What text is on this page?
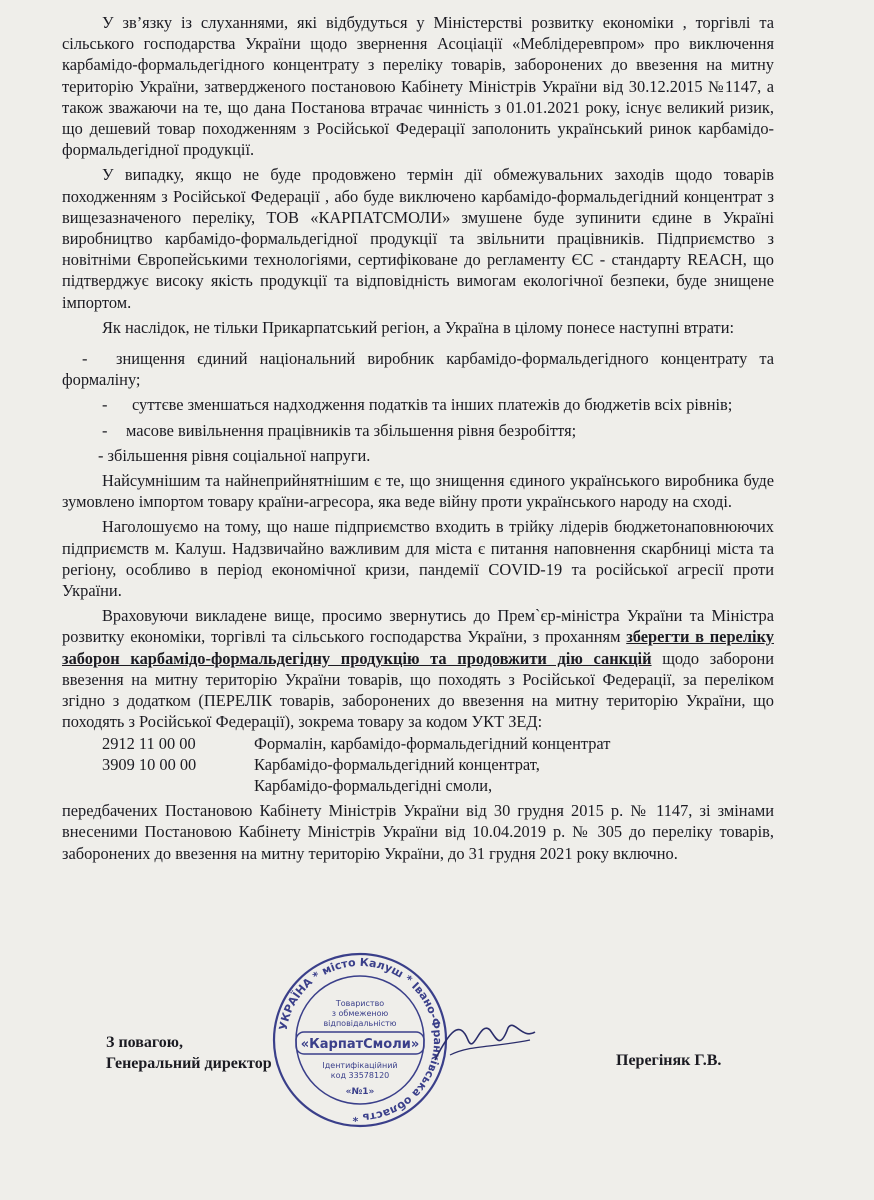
У зв’язку із слуханнями, які відбудуться у Міністерстві розвитку економіки , торгівлі та сільського господарства України щодо звернення Асоціації «Меблідеревпром» про виключення карбамідо-формальдегідного концентрату з переліку товарів, заборонених до ввезення на митну територію України, затвердженого постановою Кабінету Міністрів України від 30.12.2015 №1147, а також зважаючи на те, що дана Постанова втрачає чинність з 01.01.2021 року, існує великий ризик, що дешевий товар походженням з Російської Федерації заполонить український ринок карбамідо-формальдегідної продукції.

У випадку, якщо не буде продовжено термін дії обмежувальних заходів щодо товарів походженням з Російської Федерації , або буде виключено карбамідо-формальдегідний концентрат з вищезазначеного переліку, ТОВ «КАРПАТСМОЛИ» змушене буде зупинити єдине в Україні виробництво карбамідо-формальдегідної продукції та звільнити працівників. Підприємство з новітніми Європейськими технологіями, сертифіковане до регламенту ЄС - стандарту REACH, що підтверджує високу якість продукції та відповідність вимогам екологічної безпеки, буде знищене імпортом.

Як наслідок, не тільки Прикарпатський регіон, а Україна в цілому понесе наступні втрати:

- знищення єдиний національний виробник карбамідо-формальдегідного концентрату та формаліну;

- суттєве зменшаться надходження податків та інших платежів до бюджетів всіх рівнів;

- масове вивільнення працівників та збільшення рівня безробіття;

- збільшення рівня соціальної напруги.

Найсумнішим та найнеприйнятнішим є те, що знищення єдиного українського виробника буде зумовлено імпортом товару країни-агресора, яка веде війну проти українського народу на сході.

Наголошуємо на тому, що наше підприємство входить в трійку лідерів бюджетонаповнюючих підприємств м. Калуш. Надзвичайно важливим для міста є питання наповнення скарбниці міста та регіону, особливо в період економічної кризи, пандемії COVID-19 та російської агресії проти України.

Враховуючи викладене вище, просимо звернутись до Прем`єр-міністра України та Міністра розвитку економіки, торгівлі та сільського господарства України, з проханням зберегти в переліку заборон карбамідо-формальдегідну продукцію та продовжити дію санкцій щодо заборони ввезення на митну територію України товарів, що походять з Російської Федерації, за переліком згідно з додатком (ПЕРЕЛІК товарів, заборонених до ввезення на митну територію України, що походять з Російської Федерації), зокрема товару за кодом УКТ ЗЕД:

2912 11 00 00	Формалін, карбамідо-формальдегідний концентрат
3909 10 00 00	Карбамідо-формальдегідний концентрат,
Карбамідо-формальдегідні смоли,

передбачених Постановою Кабінету Міністрів України від 30 грудня 2015 р. № 1147, зі змінами внесеними Постановою Кабінету Міністрів України від 10.04.2019 р. № 305 до переліку товарів, заборонених до ввезення на митну територію України, до 31 грудня 2021 року включно.

УКРАЇНА * місто Калуш * Івано-Франківська область *
Товариство
з обмеженою
відповідальністю
«КарпатСмоли»
Ідентифікаційний
код 33578120
«№1»
З повагою,
Генеральний директор	Перегіняк Г.В.
